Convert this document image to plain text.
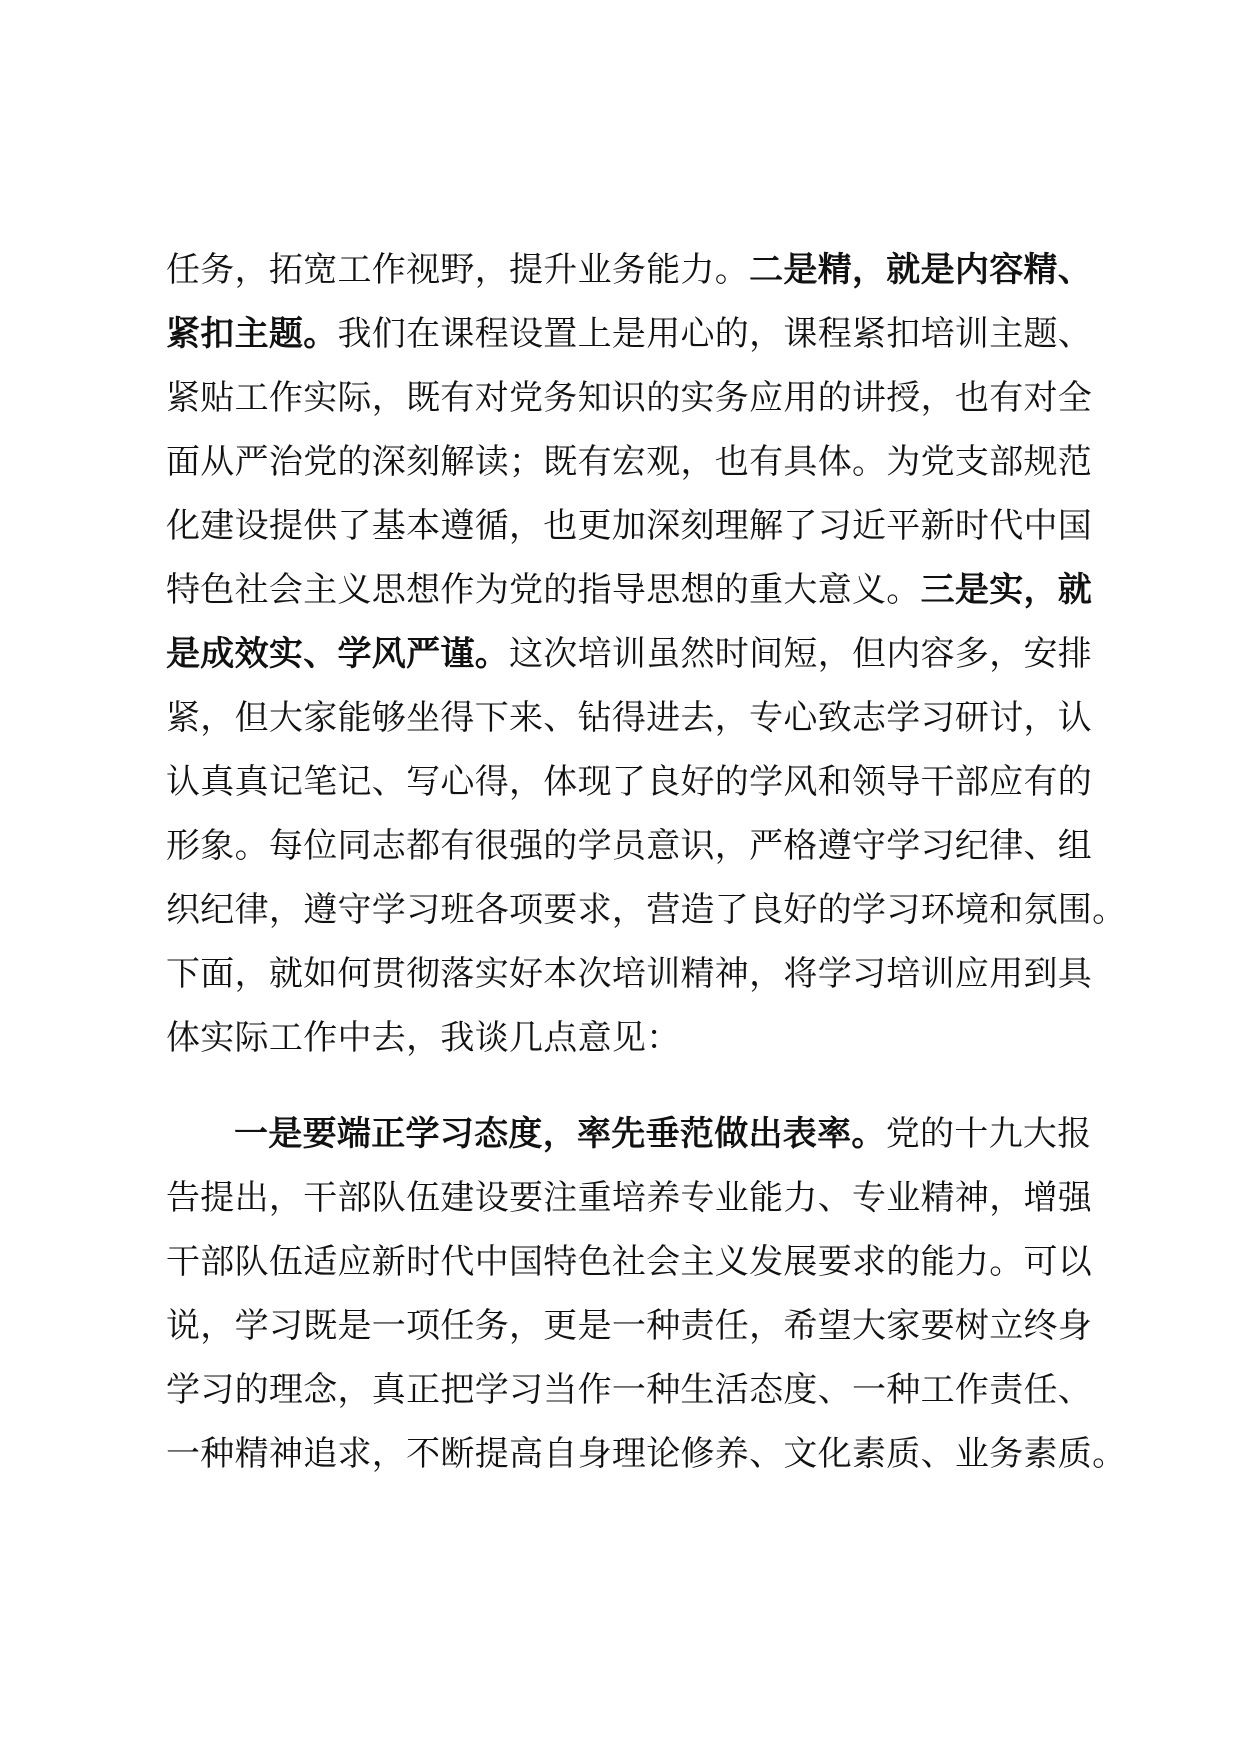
任务，拓宽工作视野，提升业务能力。二是精，就是内容精、
紧扣主题。我们在课程设置上是用心的，课程紧扣培训主题、
紧贴工作实际，既有对党务知识的实务应用的讲授，也有对全
面从严治党的深刻解读；既有宏观，也有具体。为党支部规范
化建设提供了基本遵循，也更加深刻理解了习近平新时代中国
特色社会主义思想作为党的指导思想的重大意义。三是实，就
是成效实、学风严谨。这次培训虽然时间短，但内容多，安排
紧，但大家能够坐得下来、钻得进去，专心致志学习研讨，认
认真真记笔记、写心得，体现了良好的学风和领导干部应有的
形象。每位同志都有很强的学员意识，严格遵守学习纪律、组
织纪律，遵守学习班各项要求，营造了良好的学习环境和氛围。
下面，就如何贯彻落实好本次培训精神，将学习培训应用到具
体实际工作中去，我谈几点意见：
一是要端正学习态度，率先垂范做出表率。党的十九大报
告提出，干部队伍建设要注重培养专业能力、专业精神，增强
干部队伍适应新时代中国特色社会主义发展要求的能力。可以
说，学习既是一项任务，更是一种责任，希望大家要树立终身
学习的理念，真正把学习当作一种生活态度、一种工作责任、
一种精神追求，不断提高自身理论修养、文化素质、业务素质。
